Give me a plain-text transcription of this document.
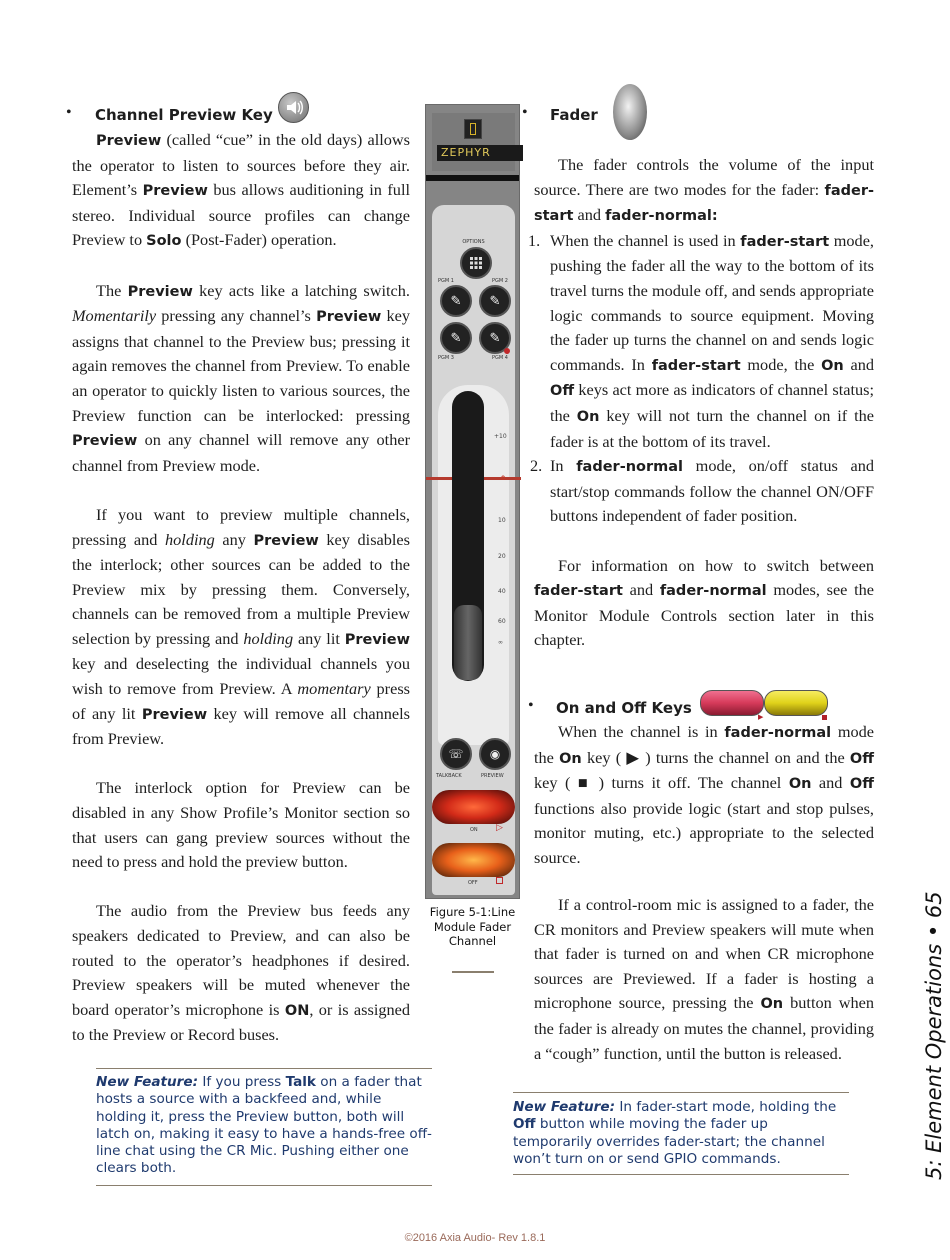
• Channel Preview Key

Preview (called “cue” in the old days) allows the operator to listen to sources before they air. Element’s Preview bus allows auditioning in full stereo. Individual source profiles can change Preview to Solo (Post-Fader) operation.

The Preview key acts like a latching switch. Momentarily pressing any channel’s Preview key assigns that channel to the Preview bus; pressing it again removes the channel from Preview. To enable an operator to quickly listen to various sources, the Preview function can be interlocked: pressing Preview on any channel will remove any other channel from Preview mode.

If you want to preview multiple channels, pressing and holding any Preview key disables the interlock; other sources can be added to the Preview mix by pressing them. Conversely, channels can be removed from a multiple Preview selection by pressing and holding any lit Preview key and deselecting the individual channels you wish to remove from Preview. A momentary press of any lit Preview key will remove all channels from Preview.

The interlock option for Preview can be disabled in any Show Profile’s Monitor section so that users can gang preview sources without the need to press and hold the preview button.

The audio from the Preview bus feeds any speakers dedicated to Preview, and can also be routed to the operator’s headphones if desired. Preview speakers will be muted whenever the board operator’s microphone is ON, or is assigned to the Preview or Record buses.

New Feature: If you press Talk on a fader that hosts a source with a backfeed and, while holding it, press the Preview button, both will latch on, making it easy to have a hands-free off-line chat using the CR Mic. Pushing either one clears both.
ZEPHYR
OPTIONS
PGM 1	PGM 2
✎	✎
✎	✎
PGM 3	PGM 4
+10
0
10
20
40
60
∞
☏	◉
TALKBACK	PREVIEW
ON ▷
OFF
Figure 5-1:Line Module Fader Channel
• Fader

The fader controls the volume of the input source. There are two modes for the fader: fader-start and fader-normal:

1. When the channel is used in fader-start mode, pushing the fader all the way to the bottom of its travel turns the module off, and sends appropriate logic commands to source equipment. Moving the fader up turns the channel on and sends logic commands. In fader-start mode, the On and Off keys act more as indicators of channel status; the On key will not turn the channel on if the fader is at the bottom of its travel.
2. In fader-normal mode, on/off status and start/stop commands follow the channel ON/OFF buttons independent of fader position.

For information on how to switch between fader-start and fader-normal modes, see the Monitor Module Controls section later in this chapter.

• On and Off Keys	▶

When the channel is in fader-normal mode the On key ( ▶ ) turns the channel on and the Off key ( ■ ) turns it off. The channel On and Off functions also provide logic (start and stop pulses, monitor muting, etc.) appropriate to the selected source.

If a control-room mic is assigned to a fader, the CR monitors and Preview speakers will mute when that fader is turned on and when CR microphone sources are Previewed. If a fader is hosting a microphone source, pressing the On button when the fader is already on mutes the channel, providing a “cough” function, until the button is released.

New Feature: In fader-start mode, holding the Off button while moving the fader up temporarily overrides fader-start; the channel won’t turn on or send GPIO commands.	5: Element Operations • 65
©2016 Axia Audio- Rev 1.8.1
